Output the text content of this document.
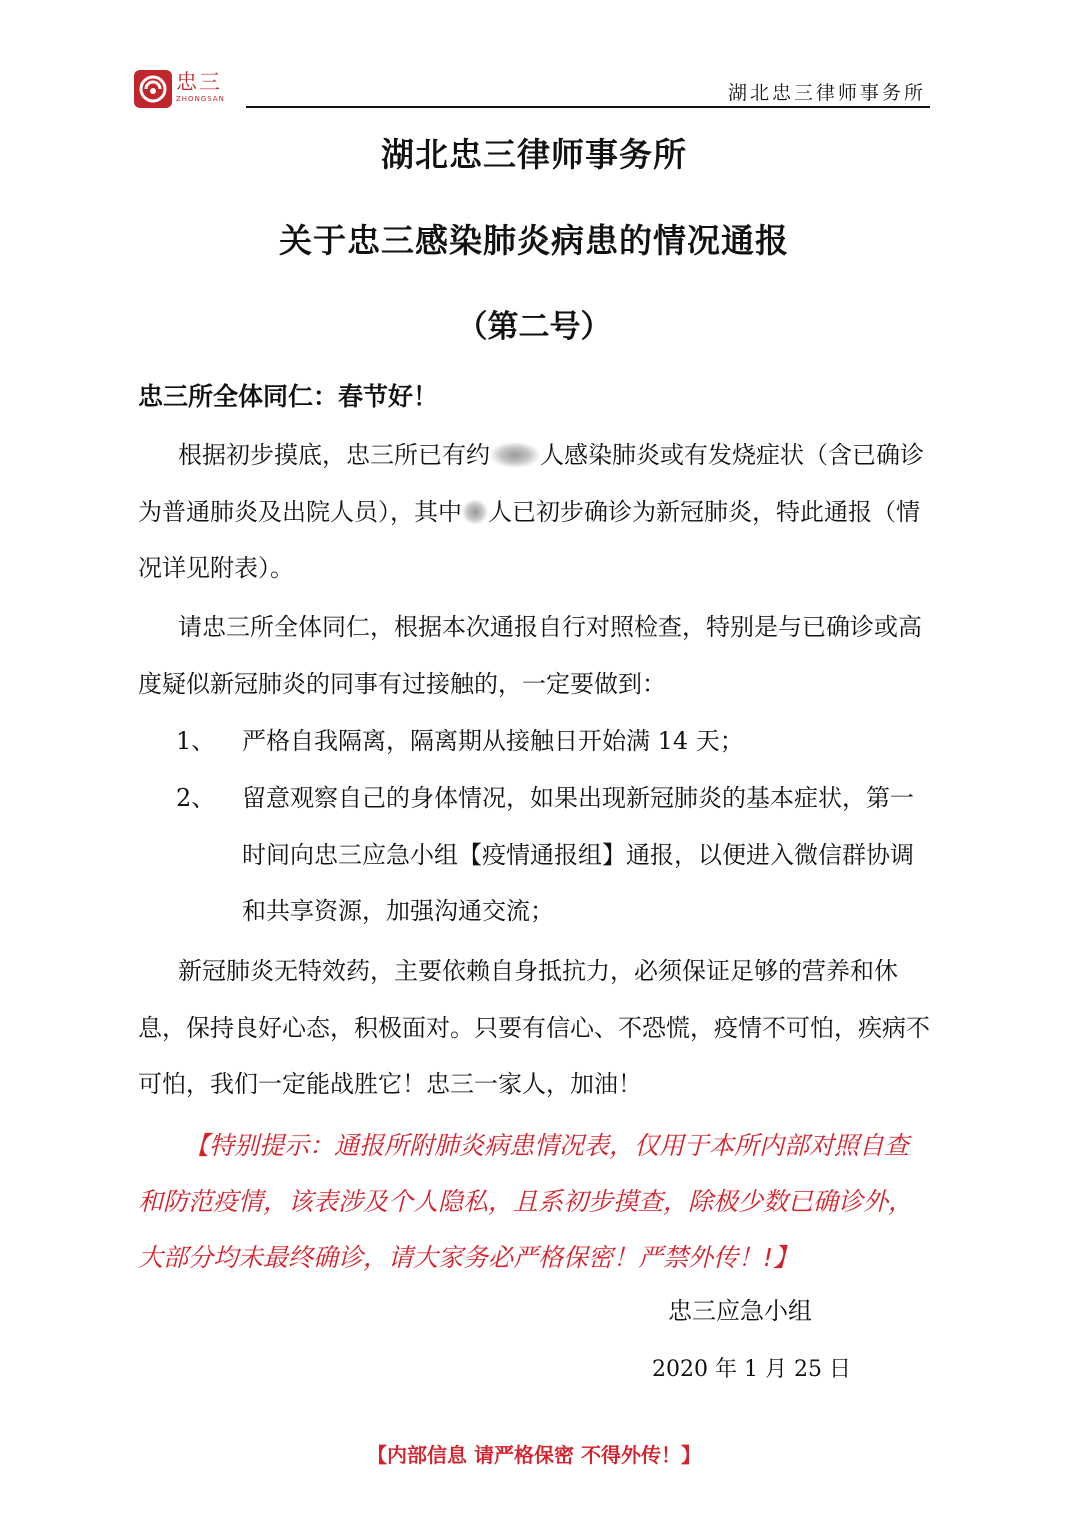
忠三
ZHONGSAN	湖北忠三律师事务所
湖北忠三律师事务所
关于忠三感染肺炎病患的情况通报
（第二号）
忠三所全体同仁：春节好！

根据初步摸底，忠三所已有约 人感染肺炎或有发烧症状（含已确诊为普通肺炎及出院人员），其中 人已初步确诊为新冠肺炎，特此通报（情况详见附表）。

请忠三所全体同仁，根据本次通报自行对照检查，特别是与已确诊或高度疑似新冠肺炎的同事有过接触的，一定要做到：

1、	严格自我隔离，隔离期从接触日开始满 14 天；
2、	留意观察自己的身体情况，如果出现新冠肺炎的基本症状，第一时间向忠三应急小组【疫情通报组】通报，以便进入微信群协调和共享资源，加强沟通交流；

新冠肺炎无特效药，主要依赖自身抵抗力，必须保证足够的营养和休息，保持良好心态，积极面对。只要有信心、不恐慌，疫情不可怕，疾病不可怕，我们一定能战胜它！忠三一家人，加油！

【特别提示：通报所附肺炎病患情况表，仅用于本所内部对照自查和防范疫情，该表涉及个人隐私，且系初步摸查，除极少数已确诊外，大部分均未最终确诊，请大家务必严格保密！严禁外传！!】

忠三应急小组
2020 年 1 月 25 日
【内部信息 请严格保密 不得外传！】
